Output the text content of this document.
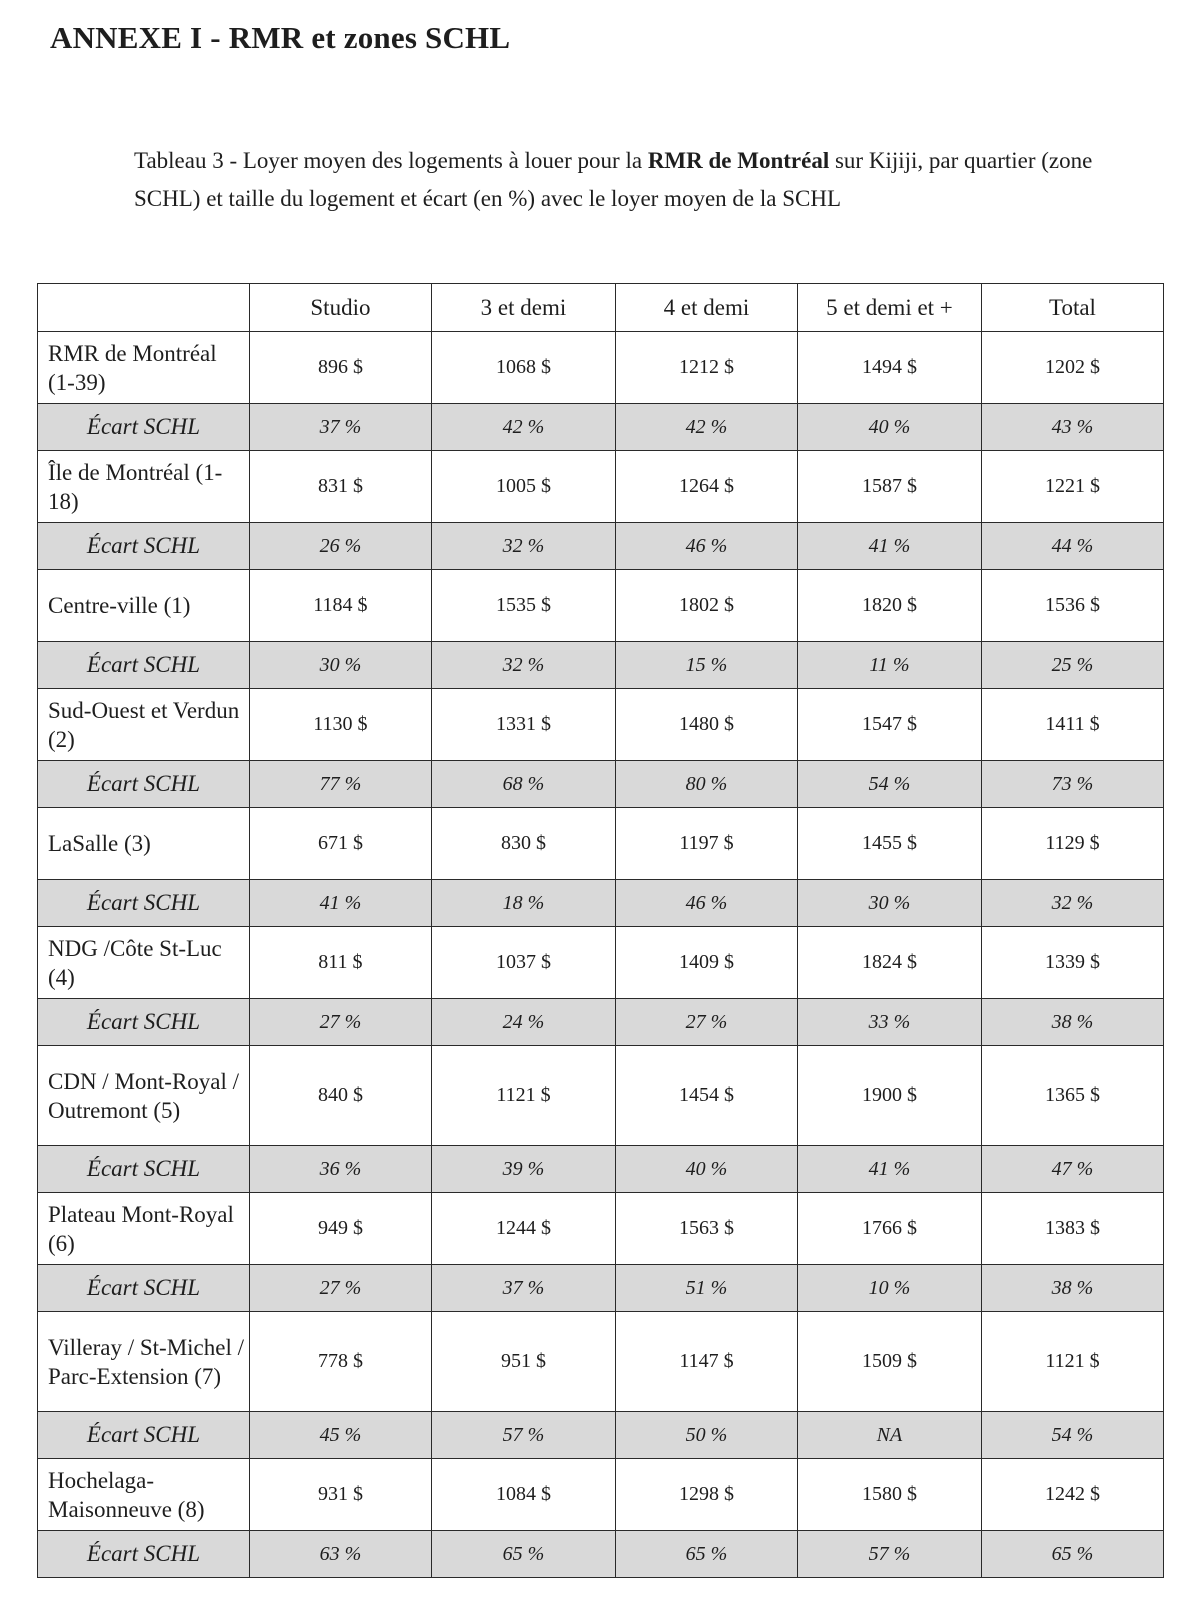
ANNEXE I - RMR et zones SCHL
Tableau 3 - Loyer moyen des logements à louer pour la RMR de Montréal sur Kijiji, par quartier (zone SCHL) et taille du logement et écart (en %) avec le loyer moyen de la SCHL
	Studio	3 et demi	4 et demi	5 et demi et +	Total
RMR de Montréal (1-39)	896 $	1068 $	1212 $	1494 $	1202 $
Écart SCHL	37 %	42 %	42 %	40 %	43 %
Île de Montréal (1-18)	831 $	1005 $	1264 $	1587 $	1221 $
Écart SCHL	26 %	32 %	46 %	41 %	44 %
Centre-ville (1)	1184 $	1535 $	1802 $	1820 $	1536 $
Écart SCHL	30 %	32 %	15 %	11 %	25 %
Sud-Ouest et Verdun (2)	1130 $	1331 $	1480 $	1547 $	1411 $
Écart SCHL	77 %	68 %	80 %	54 %	73 %
LaSalle (3)	671 $	830 $	1197 $	1455 $	1129 $
Écart SCHL	41 %	18 %	46 %	30 %	32 %
NDG /Côte St-Luc (4)	811 $	1037 $	1409 $	1824 $	1339 $
Écart SCHL	27 %	24 %	27 %	33 %	38 %
CDN / Mont-Royal / Outremont (5)	840 $	1121 $	1454 $	1900 $	1365 $
Écart SCHL	36 %	39 %	40 %	41 %	47 %
Plateau Mont-Royal (6)	949 $	1244 $	1563 $	1766 $	1383 $
Écart SCHL	27 %	37 %	51 %	10 %	38 %
Villeray / St-Michel / Parc-Extension (7)	778 $	951 $	1147 $	1509 $	1121 $
Écart SCHL	45 %	57 %	50 %	NA	54 %
Hochelaga-Maisonneuve (8)	931 $	1084 $	1298 $	1580 $	1242 $
Écart SCHL	63 %	65 %	65 %	57 %	65 %
